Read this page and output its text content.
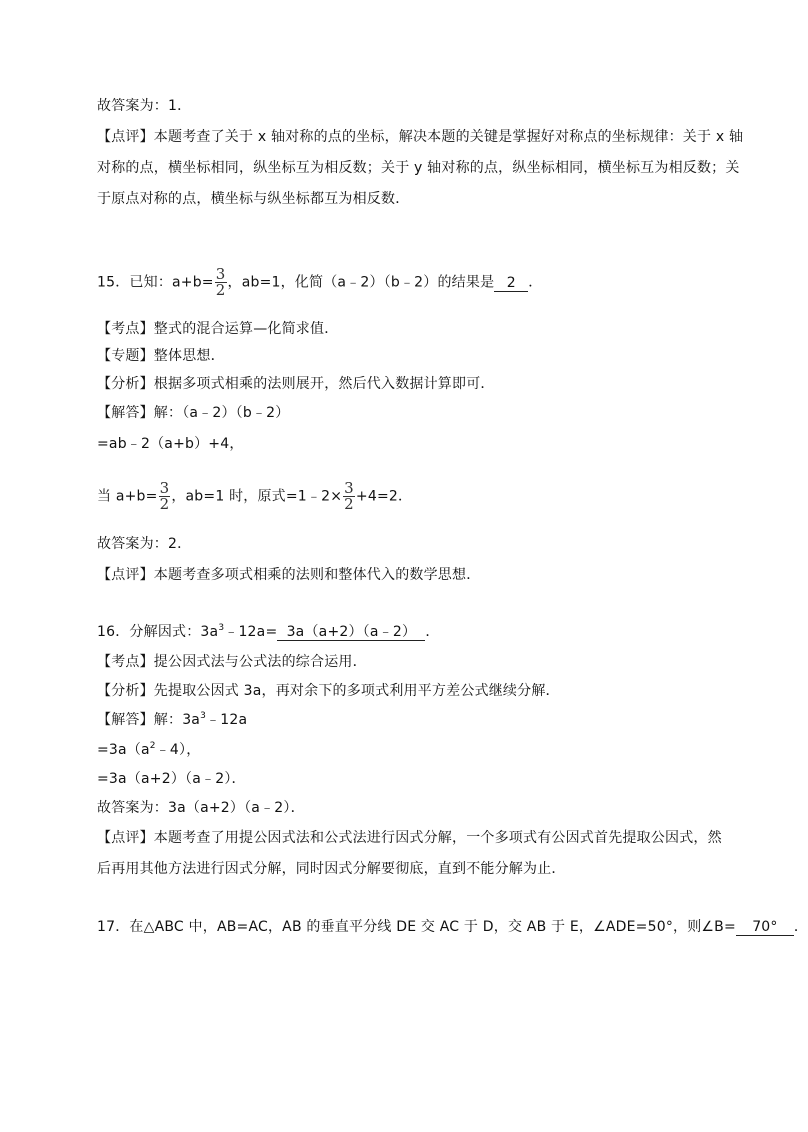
故答案为：1．
【点评】本题考查了关于 x 轴对称的点的坐标，解决本题的关键是掌握好对称点的坐标规律：关于 x 轴
对称的点，横坐标相同，纵坐标互为相反数；关于 y 轴对称的点，纵坐标相同，横坐标互为相反数；关
于原点对称的点，横坐标与纵坐标都互为相反数．
15．已知：$a+b= \frac{3}{2}$ ，ab=1，化简（a﹣2）（b﹣2）的结果是 2 ．
【考点】整式的混合运算—化简求值．
【专题】整体思想．
【分析】根据多项式相乘的法则展开，然后代入数据计算即可．
【解答】解：（a﹣2）（b﹣2）
=ab﹣2（a+b）+4，
当 $a+b= \frac{3}{2}$ ，ab=1 时，原式=1﹣2× $\frac{3}{2} +4=2$．
故答案为：2．
【点评】本题考查多项式相乘的法则和整体代入的数学思想．
16．分解因式：$3a^3﹣12a=$ 3a（a+2）（a﹣2） ．
【考点】提公因式法与公式法的综合运用．
【分析】先提取公因式 3a，再对余下的多项式利用平方差公式继续分解．
【解答】解：$3a^3﹣12a$
$=3a(a^2﹣4)$，
=3a（a+2）（a﹣2）．
故答案为：3a（a+2）（a﹣2）．
【点评】本题考查了用提公因式法和公式法进行因式分解，一个多项式有公因式首先提取公因式，然
后再用其他方法进行因式分解，同时因式分解要彻底，直到不能分解为止．
17．在△ABC 中，AB=AC，AB 的垂直平分线 DE 交 AC 于 D，交 AB 于 E，∠ADE=50°，则∠B= 70° ．
